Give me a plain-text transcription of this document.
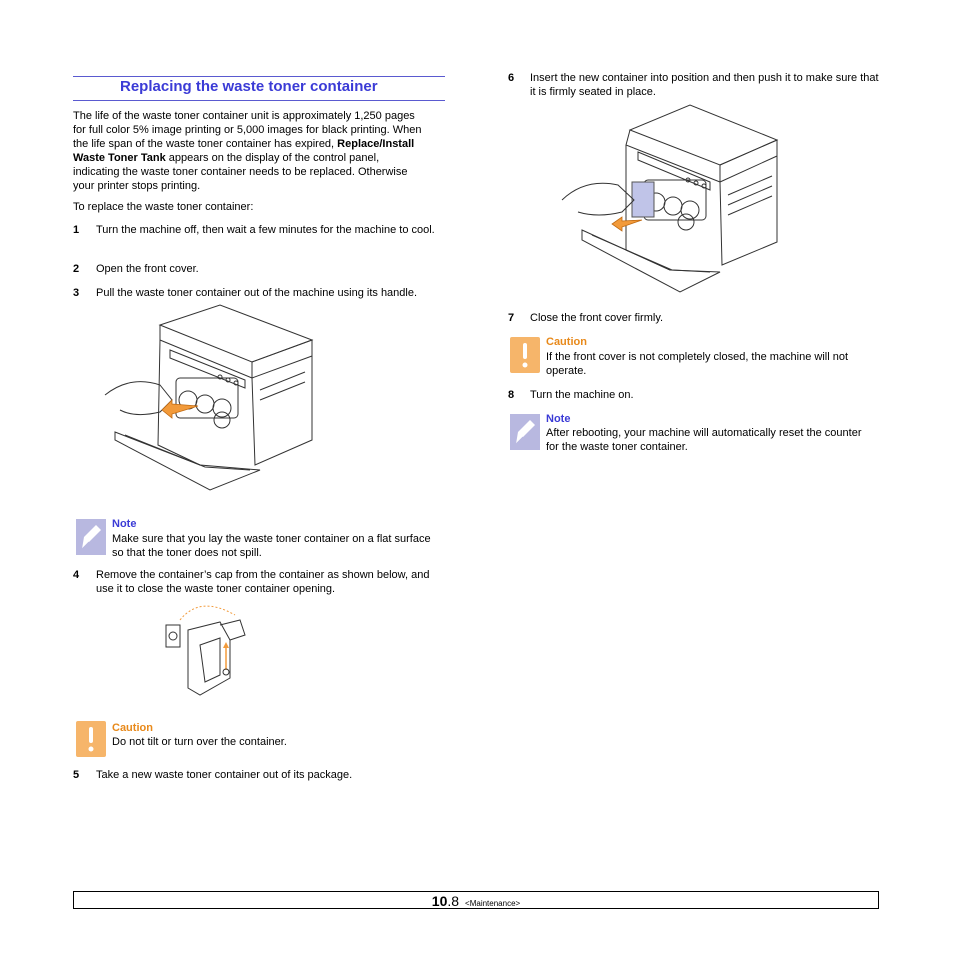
Replacing the waste toner container
The life of the waste toner container unit is approximately 1,250 pages
for full color 5% image printing or 5,000 images for black printing. When
the life span of the waste toner container has expired, Replace/Install
Waste Toner Tank appears on the display of the control panel,
indicating the waste toner container needs to be replaced. Otherwise
your printer stops printing.
To replace the waste toner container:
1 Turn the machine off, then wait a few minutes for the machine to cool.
2 Open the front cover.
3 Pull the waste toner container out of the machine using its handle.
Note
Make sure that you lay the waste toner container on a flat surface so that the toner does not spill.
4 Remove the container’s cap from the container as shown below, and use it to close the waste toner container opening.
Caution
Do not tilt or turn over the container.
5 Take a new waste toner container out of its package.
6 Insert the new container into position and then push it to make sure that it is firmly seated in place.
7 Close the front cover firmly.
Caution
If the front cover is not completely closed, the machine will not operate.
8 Turn the machine on.
Note
After rebooting, your machine will automatically reset the counter for the waste toner container.
10.8 <Maintenance>
